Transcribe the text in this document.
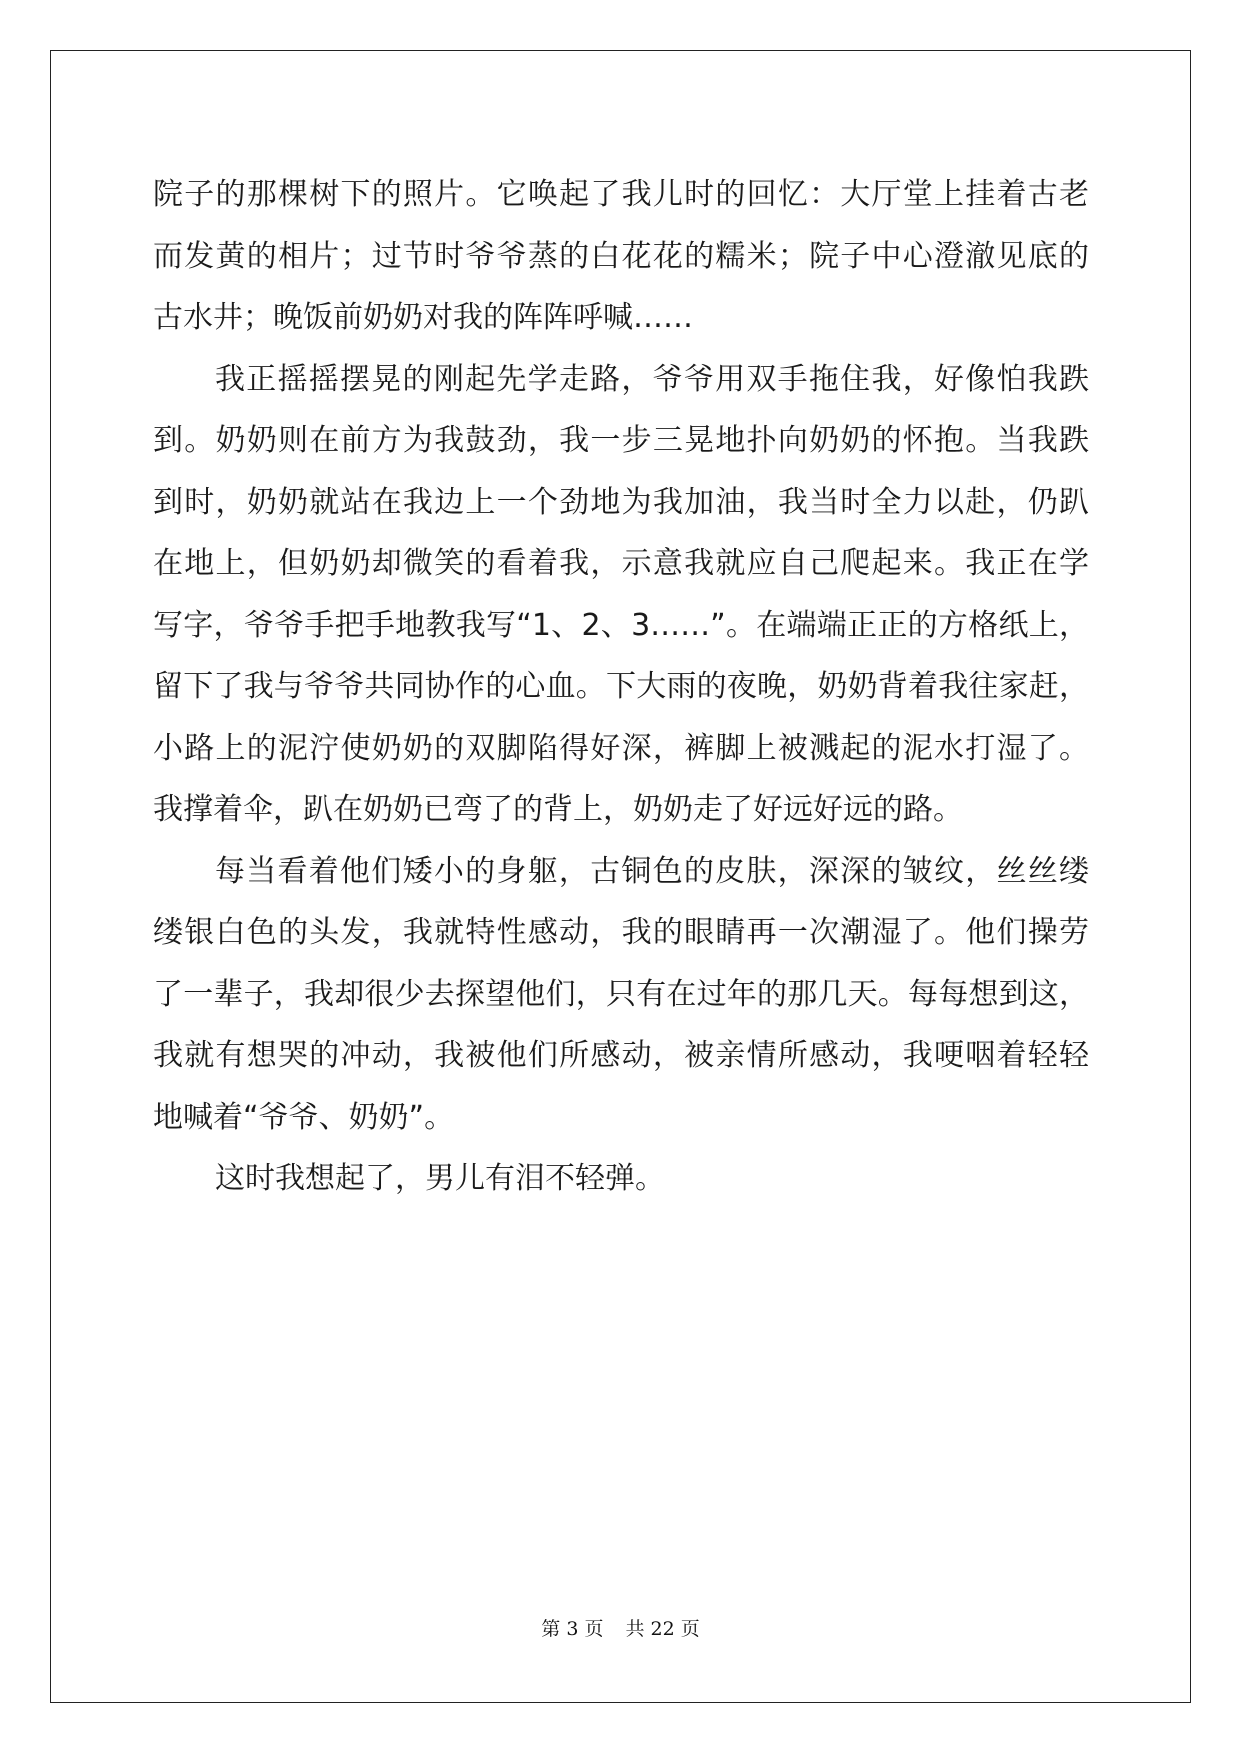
院子的那棵树下的照片。它唤起了我儿时的回忆：大厅堂上挂着古老
而发黄的相片；过节时爷爷蒸的白花花的糯米；院子中心澄澈见底的
古水井；晚饭前奶奶对我的阵阵呼喊……
我正摇摇摆晃的刚起先学走路，爷爷用双手拖住我，好像怕我跌
到。奶奶则在前方为我鼓劲，我一步三晃地扑向奶奶的怀抱。当我跌
到时，奶奶就站在我边上一个劲地为我加油，我当时全力以赴，仍趴
在地上，但奶奶却微笑的看着我，示意我就应自己爬起来。我正在学
写字，爷爷手把手地教我写“1、2、3……”。在端端正正的方格纸上，
留下了我与爷爷共同协作的心血。下大雨的夜晚，奶奶背着我往家赶，
小路上的泥泞使奶奶的双脚陷得好深，裤脚上被溅起的泥水打湿了。
我撑着伞，趴在奶奶已弯了的背上，奶奶走了好远好远的路。
每当看着他们矮小的身躯，古铜色的皮肤，深深的皱纹，丝丝缕
缕银白色的头发，我就特性感动，我的眼睛再一次潮湿了。他们操劳
了一辈子，我却很少去探望他们，只有在过年的那几天。每每想到这，
我就有想哭的冲动，我被他们所感动，被亲情所感动，我哽咽着轻轻
地喊着“爷爷、奶奶”。
这时我想起了，男儿有泪不轻弹。
第 3 页 共 22 页
